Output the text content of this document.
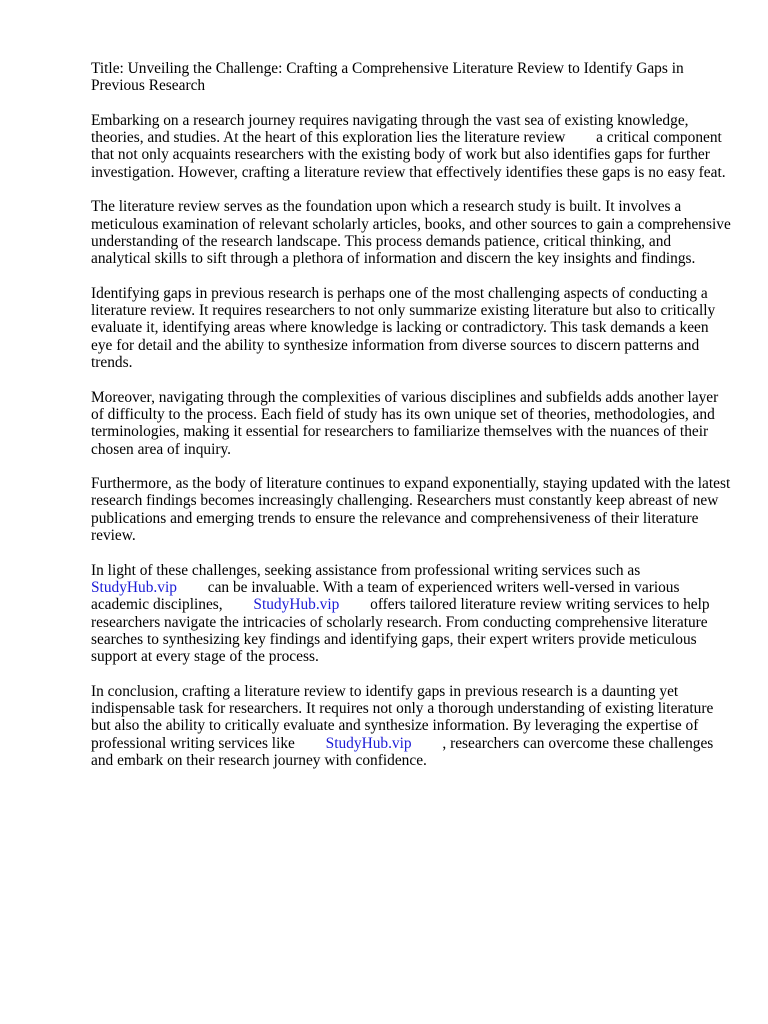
Title: Unveiling the Challenge: Crafting a Comprehensive Literature Review to Identify Gaps in Previous Research

Embarking on a research journey requires navigating through the vast sea of existing knowledge, theories, and studies. At the heart of this exploration lies the literature review  a critical component that not only acquaints researchers with the existing body of work but also identifies gaps for further investigation. However, crafting a literature review that effectively identifies these gaps is no easy feat.

The literature review serves as the foundation upon which a research study is built. It involves a meticulous examination of relevant scholarly articles, books, and other sources to gain a comprehensive understanding of the research landscape. This process demands patience, critical thinking, and analytical skills to sift through a plethora of information and discern the key insights and findings.

Identifying gaps in previous research is perhaps one of the most challenging aspects of conducting a literature review. It requires researchers to not only summarize existing literature but also to critically evaluate it, identifying areas where knowledge is lacking or contradictory. This task demands a keen eye for detail and the ability to synthesize information from diverse sources to discern patterns and trends.

Moreover, navigating through the complexities of various disciplines and subfields adds another layer of difficulty to the process. Each field of study has its own unique set of theories, methodologies, and terminologies, making it essential for researchers to familiarize themselves with the nuances of their chosen area of inquiry.

Furthermore, as the body of literature continues to expand exponentially, staying updated with the latest research findings becomes increasingly challenging. Researchers must constantly keep abreast of new publications and emerging trends to ensure the relevance and comprehensiveness of their literature review.

In light of these challenges, seeking assistance from professional writing services such as StudyHub.vip  can be invaluable. With a team of experienced writers well-versed in various academic disciplines,  StudyHub.vip  offers tailored literature review writing services to help researchers navigate the intricacies of scholarly research. From conducting comprehensive literature searches to synthesizing key findings and identifying gaps, their expert writers provide meticulous support at every stage of the process.

In conclusion, crafting a literature review to identify gaps in previous research is a daunting yet indispensable task for researchers. It requires not only a thorough understanding of existing literature but also the ability to critically evaluate and synthesize information. By leveraging the expertise of professional writing services like  StudyHub.vip  , researchers can overcome these challenges and embark on their research journey with confidence.
